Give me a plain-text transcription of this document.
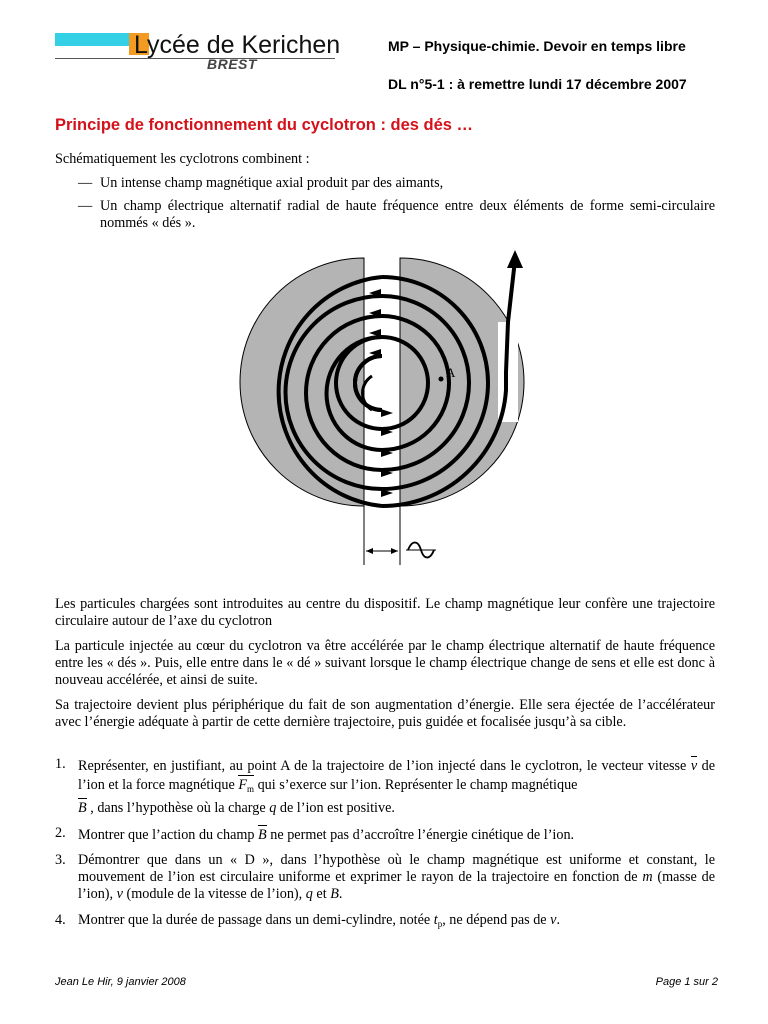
Lycée de Kerichen
BREST
MP – Physique-chimie. Devoir en temps libre
DL n°5-1 : à remettre lundi 17 décembre 2007
Principe de fonctionnement du cyclotron : des dés …
Schématiquement les cyclotrons combinent :
— Un intense champ magnétique axial produit par des aimants,
— Un champ électrique alternatif radial de haute fréquence entre deux éléments de forme semi-circulaire nommés « dés ».
A
Les particules chargées sont introduites au centre du dispositif. Le champ magnétique leur confère une trajectoire circulaire autour de l’axe du cyclotron
La particule injectée au cœur du cyclotron va être accélérée par le champ électrique alternatif de haute fréquence entre les « dés ». Puis, elle entre dans le « dé » suivant lorsque le champ électrique change de sens et elle est donc à nouveau accélérée, et ainsi de suite.
Sa trajectoire devient plus périphérique du fait de son augmentation d’énergie. Elle sera éjectée de l’accélérateur avec l’énergie adéquate à partir de cette dernière trajectoire, puis guidée et focalisée jusqu’à sa cible.
1. Représenter, en justifiant, au point A de la trajectoire de l’ion injecté dans le cyclotron, le vecteur vitesse v de l’ion et la force magnétique $F_m$ qui s’exerce sur l’ion. Représenter le champ magnétique
B , dans l’hypothèse où la charge q de l’ion est positive.
2. Montrer que l’action du champ B ne permet pas d’accroître l’énergie cinétique de l’ion.
3. Démontrer que dans un « D », dans l’hypothèse où le champ magnétique est uniforme et constant, le mouvement de l’ion est circulaire uniforme et exprimer le rayon de la trajectoire en fonction de m (masse de l’ion), v (module de la vitesse de l’ion), q et B.
4. Montrer que la durée de passage dans un demi-cylindre, notée $t_p$, ne dépend pas de v.
Jean Le Hir, 9 janvier 2008	Page 1 sur 2
